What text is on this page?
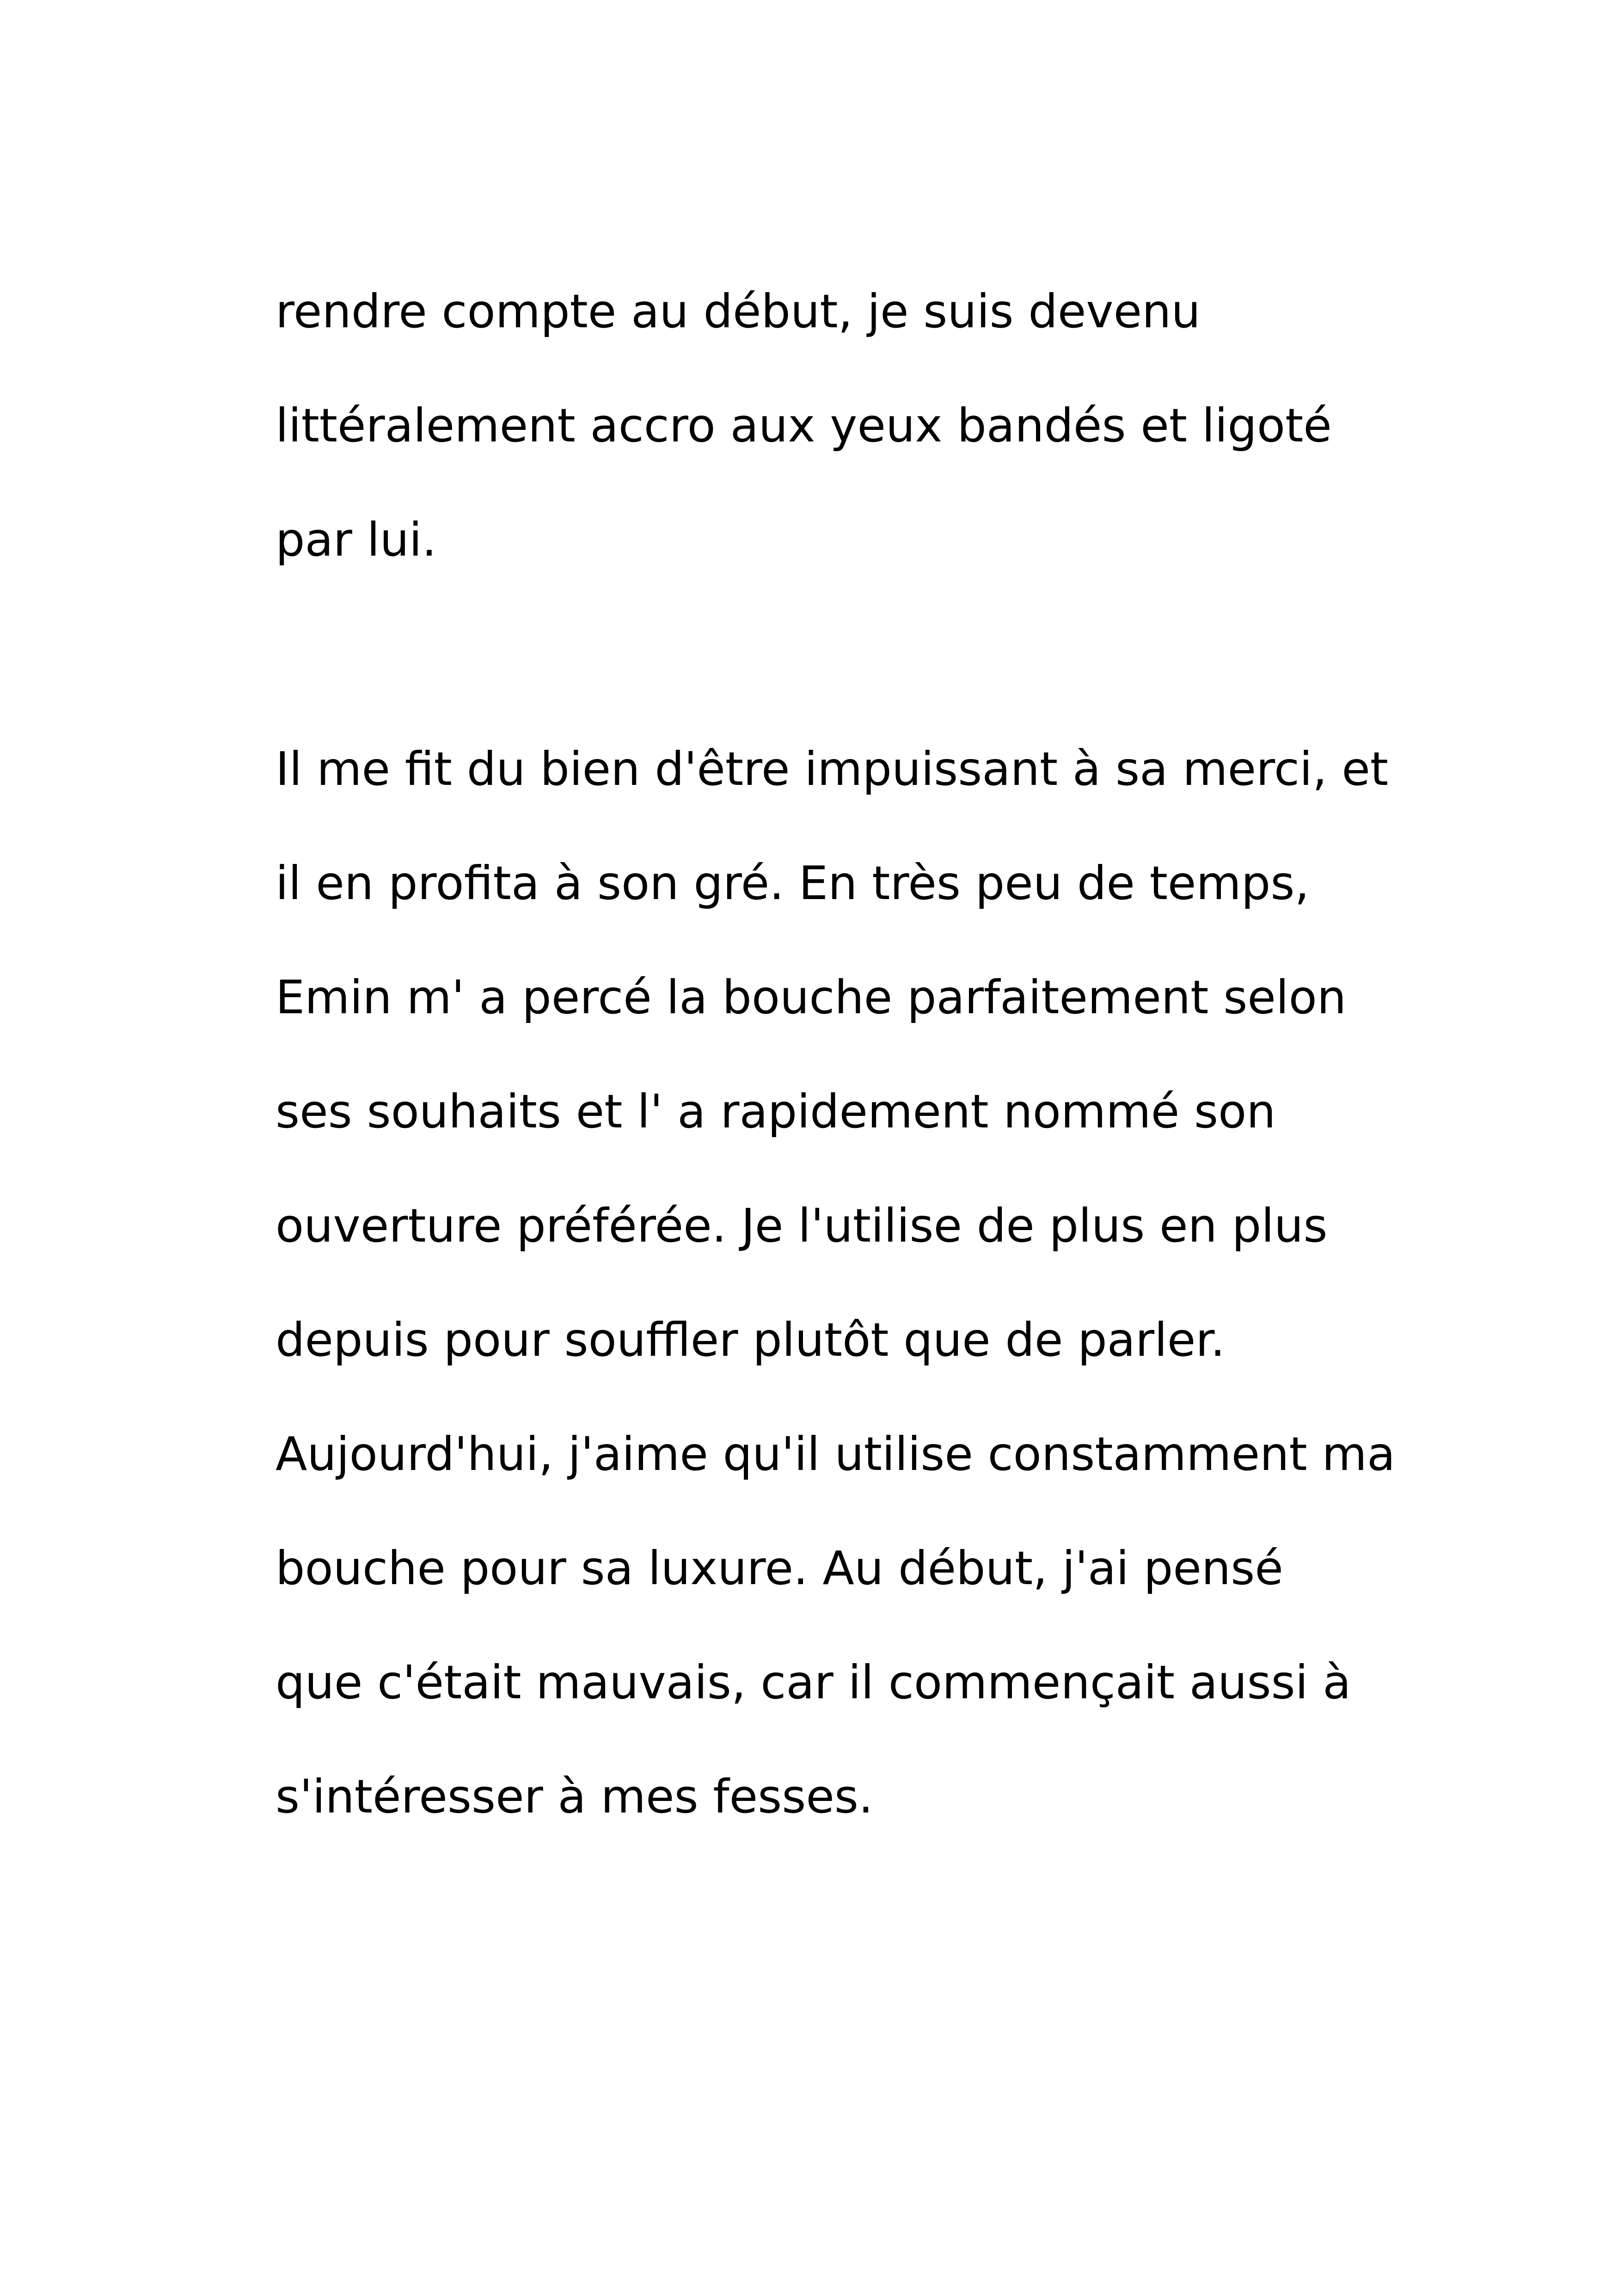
rendre compte au début, je suis devenu
littéralement accro aux yeux bandés et ligoté
par lui.
Il me fit du bien d'être impuissant à sa merci, et
il en profita à son gré. En très peu de temps,
Emin m' a percé la bouche parfaitement selon
ses souhaits et l' a rapidement nommé son
ouverture préférée. Je l'utilise de plus en plus
depuis pour souffler plutôt que de parler.
Aujourd'hui, j'aime qu'il utilise constamment ma
bouche pour sa luxure. Au début, j'ai pensé
que c'était mauvais, car il commençait aussi à
s'intéresser à mes fesses.
